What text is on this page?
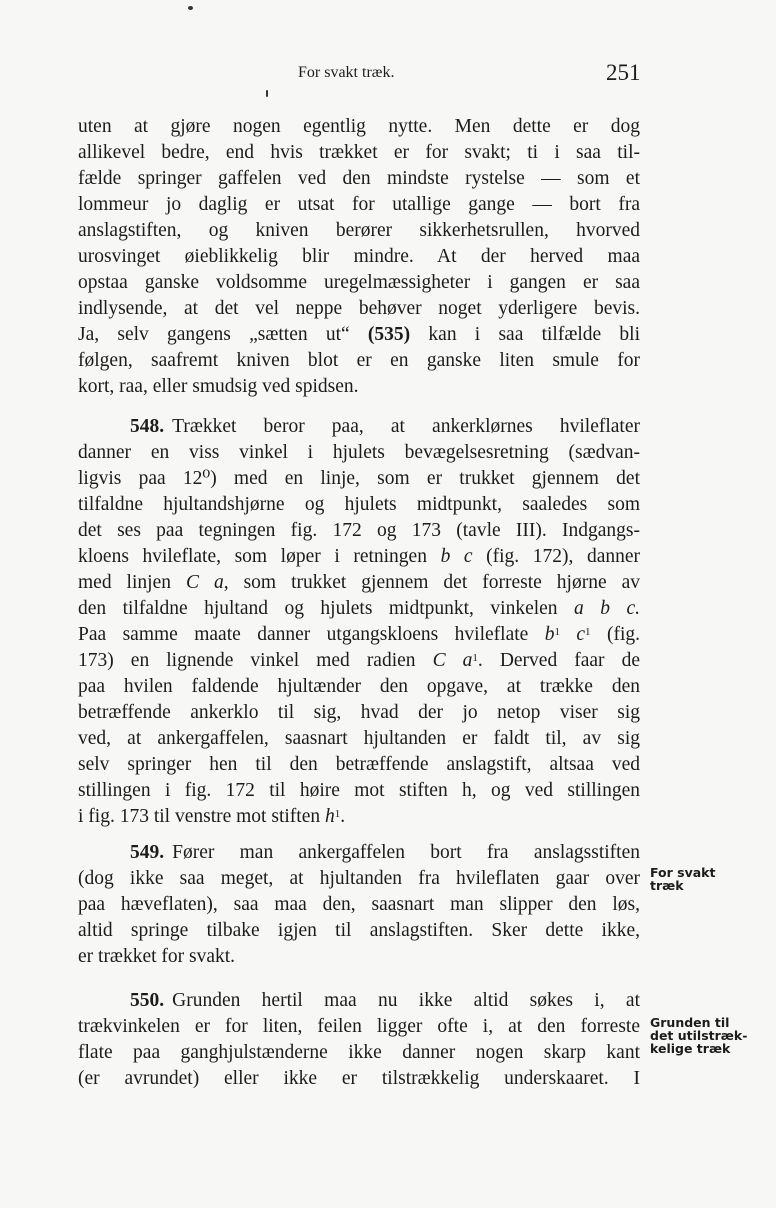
For svakt træk.	251

uten at gjøre nogen egentlig nytte. Men dette er dog
allikevel bedre, end hvis trækket er for svakt; ti i saa til-
fælde springer gaffelen ved den mindste rystelse — som et
lommeur jo daglig er utsat for utallige gange — bort fra
anslagstiften, og kniven berører sikkerhetsrullen, hvorved
urosvinget øieblikkelig blir mindre. At der herved maa
opstaa ganske voldsomme uregelmæssigheter i gangen er saa
indlysende, at det vel neppe behøver noget yderligere bevis.
Ja, selv gangens „sætten ut“ (535) kan i saa tilfælde bli
følgen, saafremt kniven blot er en ganske liten smule for
kort, raa, eller smudsig ved spidsen.

548. Trækket beror paa, at ankerklørnes hvileflater
danner en viss vinkel i hjulets bevægelsesretning (sædvan-
ligvis paa 12⁰) med en linje, som er trukket gjennem det
tilfaldne hjultandshjørne og hjulets midtpunkt, saaledes som
det ses paa tegningen fig. 172 og 173 (tavle III). Indgangs-
kloens hvileflate, som løper i retningen b c (fig. 172), danner
med linjen C a, som trukket gjennem det forreste hjørne av
den tilfaldne hjultand og hjulets midtpunkt, vinkelen a b c.
Paa samme maate danner utgangskloens hvileflate $b^1$ $c^1$ (fig.
173) en lignende vinkel med radien C $a^1$. Derved faar de
paa hvilen faldende hjultænder den opgave, at trække den
betræffende ankerklo til sig, hvad der jo netop viser sig
ved, at ankergaffelen, saasnart hjultanden er faldt til, av sig
selv springer hen til den betræffende anslagstift, altsaa ved
stillingen i fig. 172 til høire mot stiften h, og ved stillingen
i fig. 173 til venstre mot stiften $h^1$.

549. Fører man ankergaffelen bort fra anslagsstiften
(dog ikke saa meget, at hjultanden fra hvileflaten gaar over
paa hæveflaten), saa maa den, saasnart man slipper den løs,
altid springe tilbake igjen til anslagstiften. Sker dette ikke,
er trækket for svakt.

For svakt
træk

550. Grunden hertil maa nu ikke altid søkes i, at
trækvinkelen er for liten, feilen ligger ofte i, at den forreste
flate paa ganghjulstænderne ikke danner nogen skarp kant
(er avrundet) eller ikke er tilstrækkelig underskaaret. I

Grunden til
det utilstræk-
kelige træk
